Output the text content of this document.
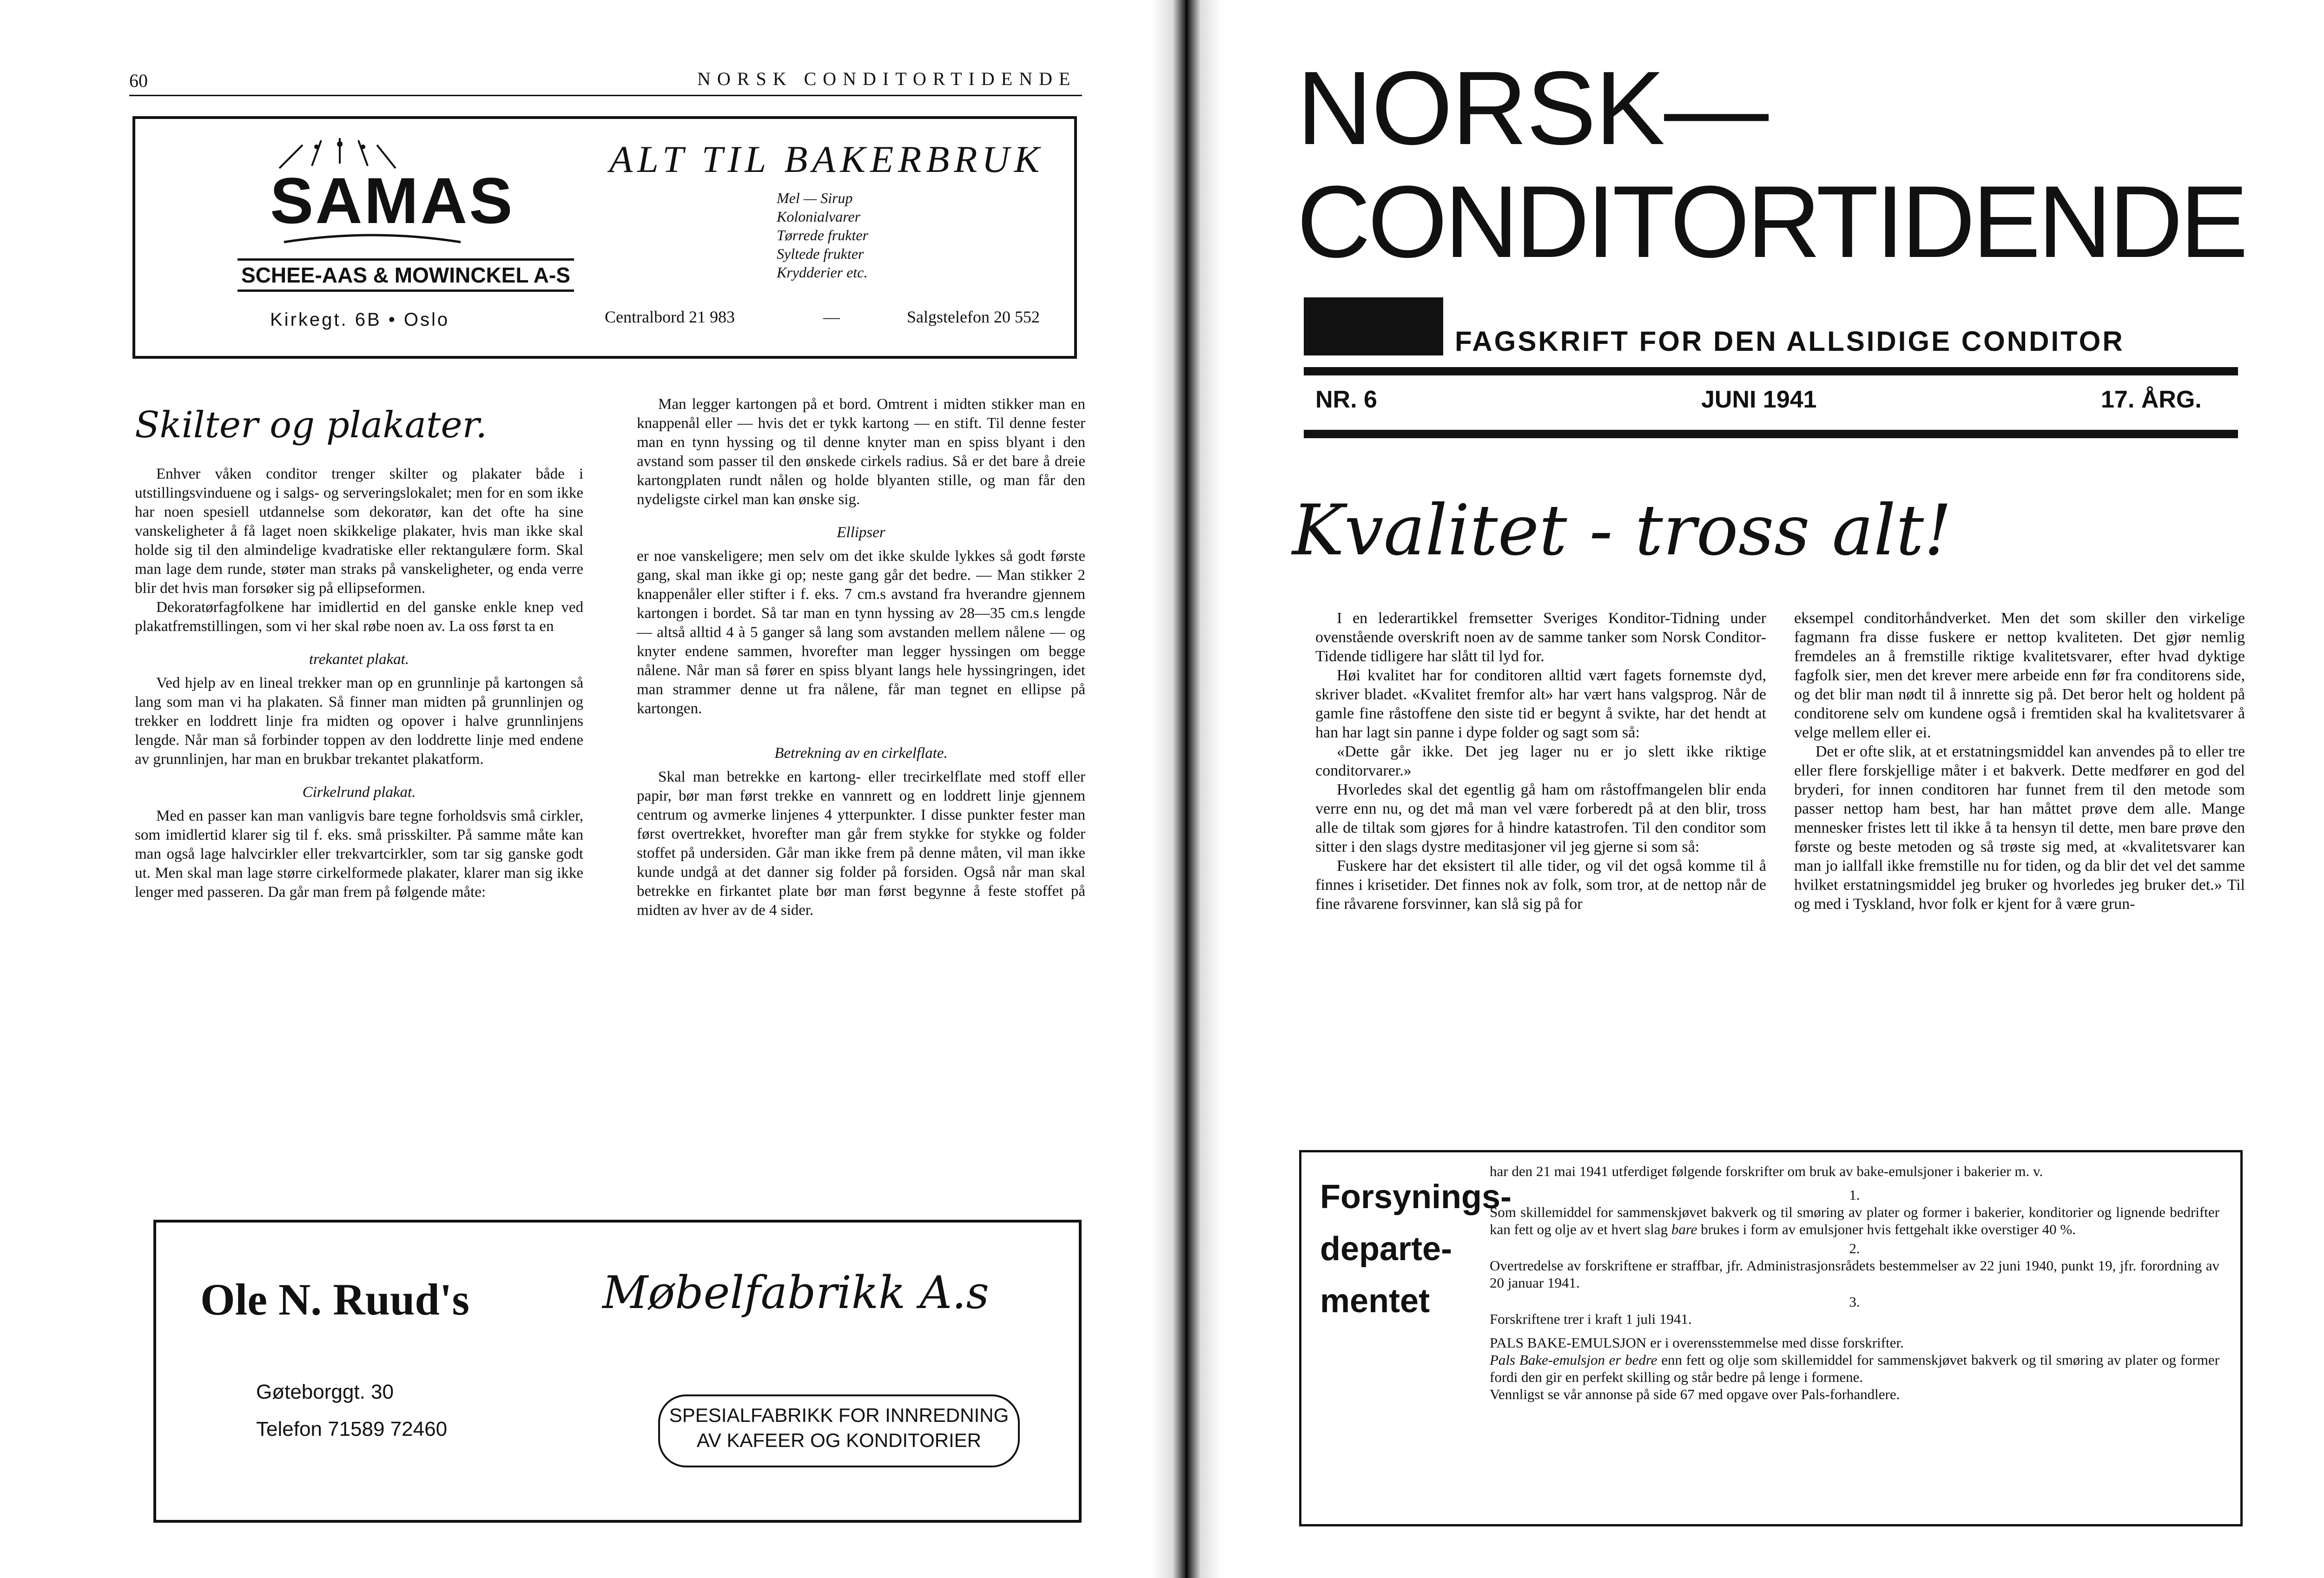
60	NORSK CONDITORTIDENDE
SAMAS
SCHEE-AAS & MOWINCKEL A-S
Kirkegt. 6B • Oslo
ALT TIL BAKERBRUK
Mel — Sirup
Kolonialvarer
Tørrede frukter
Syltede frukter
Krydderier etc.
Centralbord 21 983	—	Salgstelefon 20 552
Skilter og plakater.

Enhver våken conditor trenger skilter og plakater både i utstillingsvinduene og i salgs- og serveringslokalet; men for en som ikke har noen spesiell utdannelse som dekoratør, kan det ofte ha sine vanskeligheter å få laget noen skikkelige plakater, hvis man ikke skal holde sig til den almindelige kvadratiske eller rektangulære form. Skal man lage dem runde, støter man straks på vanskeligheter, og enda verre blir det hvis man forsøker sig på ellipseformen.

Dekoratørfagfolkene har imidlertid en del ganske enkle knep ved plakatfremstillingen, som vi her skal røbe noen av. La oss først ta en

trekantet plakat.

Ved hjelp av en lineal trekker man op en grunnlinje på kartongen så lang som man vi ha plakaten. Så finner man midten på grunnlinjen og trekker en loddrett linje fra midten og opover i halve grunnlinjens lengde. Når man så forbinder toppen av den loddrette linje med endene av grunnlinjen, har man en brukbar trekantet plakatform.

Cirkelrund plakat.

Med en passer kan man vanligvis bare tegne forholdsvis små cirkler, som imidlertid klarer sig til f. eks. små prisskilter. På samme måte kan man også lage halvcirkler eller trekvartcirkler, som tar sig ganske godt ut. Men skal man lage større cirkelformede plakater, klarer man sig ikke lenger med passeren. Da går man frem på følgende måte:

Man legger kartongen på et bord. Omtrent i midten stikker man en knappenål eller — hvis det er tykk kartong — en stift. Til denne fester man en tynn hyssing og til denne knyter man en spiss blyant i den avstand som passer til den ønskede cirkels radius. Så er det bare å dreie kartongplaten rundt nålen og holde blyanten stille, og man får den nydeligste cirkel man kan ønske sig.

Ellipser

er noe vanskeligere; men selv om det ikke skulde lykkes så godt første gang, skal man ikke gi op; neste gang går det bedre. — Man stikker 2 knappenåler eller stifter i f. eks. 7 cm.s avstand fra hverandre gjennem kartongen i bordet. Så tar man en tynn hyssing av 28—35 cm.s lengde — altså alltid 4 à 5 ganger så lang som avstanden mellem nålene — og knyter endene sammen, hvorefter man legger hyssingen om begge nålene. Når man så fører en spiss blyant langs hele hyssingringen, idet man strammer denne ut fra nålene, får man tegnet en ellipse på kartongen.

Betrekning av en cirkelflate.

Skal man betrekke en kartong- eller trecirkelflate med stoff eller papir, bør man først trekke en vannrett og en loddrett linje gjennem centrum og avmerke linjenes 4 ytterpunkter. I disse punkter fester man først overtrekket, hvorefter man går frem stykke for stykke og folder stoffet på undersiden. Går man ikke frem på denne måten, vil man ikke kunde undgå at det danner sig folder på forsiden. Også når man skal betrekke en firkantet plate bør man først begynne å feste stoffet på midten av hver av de 4 sider.

Ole N. Ruud's	Møbelfabrikk A.s
Gøteborggt. 30
Telefon 71589 72460
SPESIALFABRIKK FOR INNREDNING
AV KAFEER OG KONDITORIER
NORSK—
CONDITORTIDENDE
FAGSKRIFT FOR DEN ALLSIDIGE CONDITOR
NR. 6	JUNI 1941	17. ÅRG.
Kvalitet - tross alt!

I en lederartikkel fremsetter Sveriges Konditor-Tidning under ovenstående overskrift noen av de samme tanker som Norsk Conditor-Tidende tidligere har slått til lyd for.

Høi kvalitet har for conditoren alltid vært fagets fornemste dyd, skriver bladet. «Kvalitet fremfor alt» har vært hans valgsprog. Når de gamle fine råstoffene den siste tid er begynt å svikte, har det hendt at han har lagt sin panne i dype folder og sagt som så:

«Dette går ikke. Det jeg lager nu er jo slett ikke riktige conditorvarer.»

Hvorledes skal det egentlig gå ham om råstoffmangelen blir enda verre enn nu, og det må man vel være forberedt på at den blir, tross alle de tiltak som gjøres for å hindre katastrofen. Til den conditor som sitter i den slags dystre meditasjoner vil jeg gjerne si som så:

Fuskere har det eksistert til alle tider, og vil det også komme til å finnes i krisetider. Det finnes nok av folk, som tror, at de nettop når de fine råvarene forsvinner, kan slå sig på for

eksempel conditorhåndverket. Men det som skiller den virkelige fagmann fra disse fuskere er nettop kvaliteten. Det gjør nemlig fremdeles an å fremstille riktige kvalitetsvarer, efter hvad dyktige fagfolk sier, men det krever mere arbeide enn før fra conditorens side, og det blir man nødt til å innrette sig på. Det beror helt og holdent på conditorene selv om kundene også i fremtiden skal ha kvalitetsvarer å velge mellem eller ei.

Det er ofte slik, at et erstatningsmiddel kan anvendes på to eller tre eller flere forskjellige måter i et bakverk. Dette medfører en god del bryderi, for innen conditoren har funnet frem til den metode som passer nettop ham best, har han måttet prøve dem alle. Mange mennesker fristes lett til ikke å ta hensyn til dette, men bare prøve den første og beste metoden og så trøste sig med, at «kvalitetsvarer kan man jo iallfall ikke fremstille nu for tiden, og da blir det vel det samme hvilket erstatningsmiddel jeg bruker og hvorledes jeg bruker det.» Til og med i Tyskland, hvor folk er kjent for å være grun-

Forsynings-
departe-
mentet
har den 21 mai 1941 utferdiget følgende forskrifter om bruk av bake-emulsjoner i bakerier m. v.
1.
Som skillemiddel for sammenskjøvet bakverk og til smøring av plater og former i bakerier, konditorier og lignende bedrifter kan fett og olje av et hvert slag bare brukes i form av emulsjoner hvis fettgehalt ikke overstiger 40 %.
2.
Overtredelse av forskriftene er straffbar, jfr. Administrasjonsrådets bestemmelser av 22 juni 1940, punkt 19, jfr. forordning av 20 januar 1941.
3.
Forskriftene trer i kraft 1 juli 1941.
PALS BAKE-EMULSJON er i overensstemmelse med disse forskrifter.
Pals Bake-emulsjon er bedre enn fett og olje som skillemiddel for sammenskjøvet bakverk og til smøring av plater og former fordi den gir en perfekt skilling og står bedre på lenge i formene.
Vennligst se vår annonse på side 67 med opgave over Pals-forhandlere.
